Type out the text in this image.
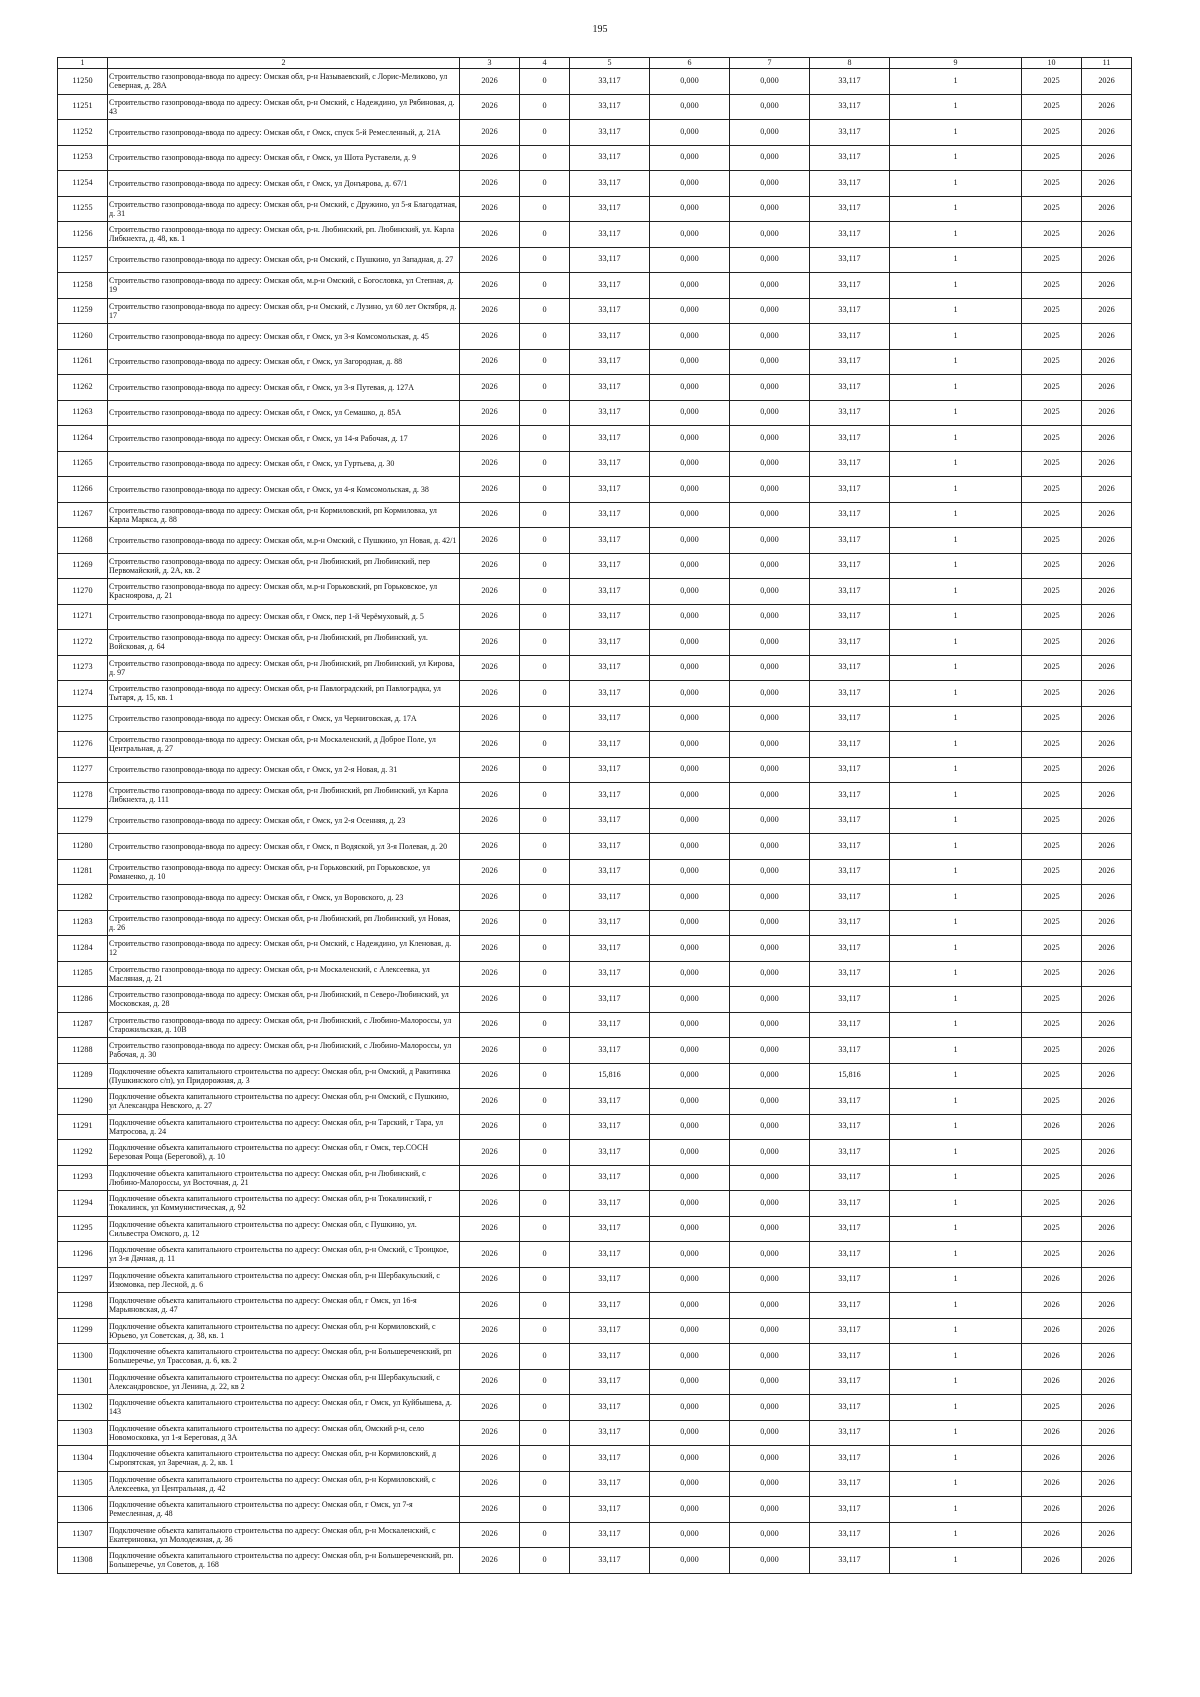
195
1	2	3	4	5	6	7	8	9	10	11
11250	Строительство газопровода-ввода по адресу: Омская обл, р-н Называевский, с Лорис-Меликово, ул Северная, д. 28А	2026	0	33,117	0,000	0,000	33,117	1	2025	2026
11251	Строительство газопровода-ввода по адресу: Омская обл, р-н Омский, с Надеждино, ул Рябиновая, д. 43	2026	0	33,117	0,000	0,000	33,117	1	2025	2026
11252	Строительство газопровода-ввода по адресу: Омская обл, г Омск, спуск 5-й Ремесленный, д. 21А	2026	0	33,117	0,000	0,000	33,117	1	2025	2026
11253	Строительство газопровода-ввода по адресу: Омская обл, г Омск, ул Шота Руставели, д. 9	2026	0	33,117	0,000	0,000	33,117	1	2025	2026
11254	Строительство газопровода-ввода по адресу: Омская обл, г Омск, ул Донъярова, д. 67/1	2026	0	33,117	0,000	0,000	33,117	1	2025	2026
11255	Строительство газопровода-ввода по адресу: Омская обл, р-н Омский, с Дружино, ул 5-я Благодатная, д. 31	2026	0	33,117	0,000	0,000	33,117	1	2025	2026
11256	Строительство газопровода-ввода по адресу: Омская обл, р-н. Любинский, рп. Любинский, ул. Карла Либкнехта, д. 48, кв. 1	2026	0	33,117	0,000	0,000	33,117	1	2025	2026
11257	Строительство газопровода-ввода по адресу: Омская обл, р-н Омский, с Пушкино, ул Западная, д. 27	2026	0	33,117	0,000	0,000	33,117	1	2025	2026
11258	Строительство газопровода-ввода по адресу: Омская обл, м.р-н Омский, с Богословка, ул Степная, д. 19	2026	0	33,117	0,000	0,000	33,117	1	2025	2026
11259	Строительство газопровода-ввода по адресу: Омская обл, р-н Омский, с Лузино, ул 60 лет Октября, д. 17	2026	0	33,117	0,000	0,000	33,117	1	2025	2026
11260	Строительство газопровода-ввода по адресу: Омская обл, г Омск, ул 3-я Комсомольская, д. 45	2026	0	33,117	0,000	0,000	33,117	1	2025	2026
11261	Строительство газопровода-ввода по адресу: Омская обл, г Омск, ул Загородная, д. 88	2026	0	33,117	0,000	0,000	33,117	1	2025	2026
11262	Строительство газопровода-ввода по адресу: Омская обл, г Омск, ул 3-я Путевая, д. 127А	2026	0	33,117	0,000	0,000	33,117	1	2025	2026
11263	Строительство газопровода-ввода по адресу: Омская обл, г Омск, ул Семашко, д. 85А	2026	0	33,117	0,000	0,000	33,117	1	2025	2026
11264	Строительство газопровода-ввода по адресу: Омская обл, г Омск, ул 14-я Рабочая, д. 17	2026	0	33,117	0,000	0,000	33,117	1	2025	2026
11265	Строительство газопровода-ввода по адресу: Омская обл, г Омск, ул Гуртьева, д. 30	2026	0	33,117	0,000	0,000	33,117	1	2025	2026
11266	Строительство газопровода-ввода по адресу: Омская обл, г Омск, ул 4-я Комсомольская, д. 38	2026	0	33,117	0,000	0,000	33,117	1	2025	2026
11267	Строительство газопровода-ввода по адресу: Омская обл, р-н Кормиловский, рп Кормиловка, ул Карла Маркса, д. 88	2026	0	33,117	0,000	0,000	33,117	1	2025	2026
11268	Строительство газопровода-ввода по адресу: Омская обл, м.р-н Омский, с Пушкино, ул Новая, д. 42/1	2026	0	33,117	0,000	0,000	33,117	1	2025	2026
11269	Строительство газопровода-ввода по адресу: Омская обл, р-н Любинский, рп Любинский, пер Первомайский, д. 2А, кв. 2	2026	0	33,117	0,000	0,000	33,117	1	2025	2026
11270	Строительство газопровода-ввода по адресу: Омская обл, м.р-н Горьковский, рп Горьковское, ул Красноярова, д. 21	2026	0	33,117	0,000	0,000	33,117	1	2025	2026
11271	Строительство газопровода-ввода по адресу: Омская обл, г Омск, пер 1-й Черёмуховый, д. 5	2026	0	33,117	0,000	0,000	33,117	1	2025	2026
11272	Строительство газопровода-ввода по адресу: Омская обл, р-н Любинский, рп Любинский, ул. Войсковая, д. 64	2026	0	33,117	0,000	0,000	33,117	1	2025	2026
11273	Строительство газопровода-ввода по адресу: Омская обл, р-н Любинский, рп Любинский, ул Кирова, д. 97	2026	0	33,117	0,000	0,000	33,117	1	2025	2026
11274	Строительство газопровода-ввода по адресу: Омская обл, р-н Павлоградский, рп Павлоградка, ул Тытаря, д. 15, кв. 1	2026	0	33,117	0,000	0,000	33,117	1	2025	2026
11275	Строительство газопровода-ввода по адресу: Омская обл, г Омск, ул Черниговская, д. 17А	2026	0	33,117	0,000	0,000	33,117	1	2025	2026
11276	Строительство газопровода-ввода по адресу: Омская обл, р-н Москаленский, д Доброе Поле, ул Центральная, д. 27	2026	0	33,117	0,000	0,000	33,117	1	2025	2026
11277	Строительство газопровода-ввода по адресу: Омская обл, г Омск, ул 2-я Новая, д. 31	2026	0	33,117	0,000	0,000	33,117	1	2025	2026
11278	Строительство газопровода-ввода по адресу: Омская обл, р-н Любинский, рп Любинский, ул Карла Либкнехта, д. 111	2026	0	33,117	0,000	0,000	33,117	1	2025	2026
11279	Строительство газопровода-ввода по адресу: Омская обл, г Омск, ул 2-я Осенняя, д. 23	2026	0	33,117	0,000	0,000	33,117	1	2025	2026
11280	Строительство газопровода-ввода по адресу: Омская обл, г Омск, п Водяской, ул 3-я Полевая, д. 20	2026	0	33,117	0,000	0,000	33,117	1	2025	2026
11281	Строительство газопровода-ввода по адресу: Омская обл, р-н Горьковский, рп Горьковское, ул Романенко, д. 10	2026	0	33,117	0,000	0,000	33,117	1	2025	2026
11282	Строительство газопровода-ввода по адресу: Омская обл, г Омск, ул Воровского, д. 23	2026	0	33,117	0,000	0,000	33,117	1	2025	2026
11283	Строительство газопровода-ввода по адресу: Омская обл, р-н Любинский, рп Любинский, ул Новая, д. 26	2026	0	33,117	0,000	0,000	33,117	1	2025	2026
11284	Строительство газопровода-ввода по адресу: Омская обл, р-н Омский, с Надеждино, ул Кленовая, д. 12	2026	0	33,117	0,000	0,000	33,117	1	2025	2026
11285	Строительство газопровода-ввода по адресу: Омская обл, р-н Москаленский, с Алексеевка, ул Масляная, д. 21	2026	0	33,117	0,000	0,000	33,117	1	2025	2026
11286	Строительство газопровода-ввода по адресу: Омская обл, р-н Любинский, п Северо-Любинский, ул Московская, д. 28	2026	0	33,117	0,000	0,000	33,117	1	2025	2026
11287	Строительство газопровода-ввода по адресу: Омская обл, р-н Любинский, с Любино-Малороссы, ул Старожильская, д. 10В	2026	0	33,117	0,000	0,000	33,117	1	2025	2026
11288	Строительство газопровода-ввода по адресу: Омская обл, р-н Любинский, с Любино-Малороссы, ул Рабочая, д. 30	2026	0	33,117	0,000	0,000	33,117	1	2025	2026
11289	Подключение объекта капитального строительства по адресу: Омская обл, р-н Омский, д Ракитинка (Пушкинского с/п), ул Придорожная, д. 3	2026	0	15,816	0,000	0,000	15,816	1	2025	2026
11290	Подключение объекта капитального строительства по адресу: Омская обл, р-н Омский, с Пушкино, ул Александра Невского, д. 27	2026	0	33,117	0,000	0,000	33,117	1	2025	2026
11291	Подключение объекта капитального строительства по адресу: Омская обл, р-н Тарский, г Тара, ул Матросова, д. 24	2026	0	33,117	0,000	0,000	33,117	1	2026	2026
11292	Подключение объекта капитального строительства по адресу: Омская обл, г Омск, тер.СОСН Березовая Роща (Береговой), д. 10	2026	0	33,117	0,000	0,000	33,117	1	2025	2026
11293	Подключение объекта капитального строительства по адресу: Омская обл, р-н Любинский, с Любино-Малороссы, ул Восточная, д. 21	2026	0	33,117	0,000	0,000	33,117	1	2025	2026
11294	Подключение объекта капитального строительства по адресу: Омская обл, р-н Тюкалинский, г Тюкалинск, ул Коммунистическая, д. 92	2026	0	33,117	0,000	0,000	33,117	1	2025	2026
11295	Подключение объекта капитального строительства по адресу: Омская обл, с Пушкино, ул. Сильвестра Омского, д. 12	2026	0	33,117	0,000	0,000	33,117	1	2025	2026
11296	Подключение объекта капитального строительства по адресу: Омская обл, р-н Омский, с Троицкое, ул 3-я Дачная, д. 11	2026	0	33,117	0,000	0,000	33,117	1	2025	2026
11297	Подключение объекта капитального строительства по адресу: Омская обл, р-н Шербакульский, с Изюмовка, пер Лесной, д. 6	2026	0	33,117	0,000	0,000	33,117	1	2026	2026
11298	Подключение объекта капитального строительства по адресу: Омская обл, г Омск, ул 16-я Марьяновская, д. 47	2026	0	33,117	0,000	0,000	33,117	1	2026	2026
11299	Подключение объекта капитального строительства по адресу: Омская обл, р-н Кормиловский, с Юрьево, ул Советская, д. 38, кв. 1	2026	0	33,117	0,000	0,000	33,117	1	2026	2026
11300	Подключение объекта капитального строительства по адресу: Омская обл, р-н Большереченский, рп Большеречье, ул Трассовая, д. 6, кв. 2	2026	0	33,117	0,000	0,000	33,117	1	2026	2026
11301	Подключение объекта капитального строительства по адресу: Омская обл, р-н Шербакульский, с Александровское, ул Ленина, д. 22, кв 2	2026	0	33,117	0,000	0,000	33,117	1	2026	2026
11302	Подключение объекта капитального строительства по адресу: Омская обл, г Омск, ул Куйбышева, д. 143	2026	0	33,117	0,000	0,000	33,117	1	2025	2026
11303	Подключение объекта капитального строительства по адресу: Омская обл, Омский р-н, село Новомосковка, ул 1-я Береговая, д 3А	2026	0	33,117	0,000	0,000	33,117	1	2026	2026
11304	Подключение объекта капитального строительства по адресу: Омская обл, р-н Кормиловский, д Сыропятская, ул Заречная, д. 2, кв. 1	2026	0	33,117	0,000	0,000	33,117	1	2026	2026
11305	Подключение объекта капитального строительства по адресу: Омская обл, р-н Кормиловский, с Алексеевка, ул Центральная, д. 42	2026	0	33,117	0,000	0,000	33,117	1	2026	2026
11306	Подключение объекта капитального строительства по адресу: Омская обл, г Омск, ул 7-я Ремесленная, д. 48	2026	0	33,117	0,000	0,000	33,117	1	2026	2026
11307	Подключение объекта капитального строительства по адресу: Омская обл, р-н Москаленский, с Екатериновка, ул Молодежная, д. 36	2026	0	33,117	0,000	0,000	33,117	1	2026	2026
11308	Подключение объекта капитального строительства по адресу: Омская обл, р-н Большереченский, рп. Большеречье, ул Советов, д. 168	2026	0	33,117	0,000	0,000	33,117	1	2026	2026
